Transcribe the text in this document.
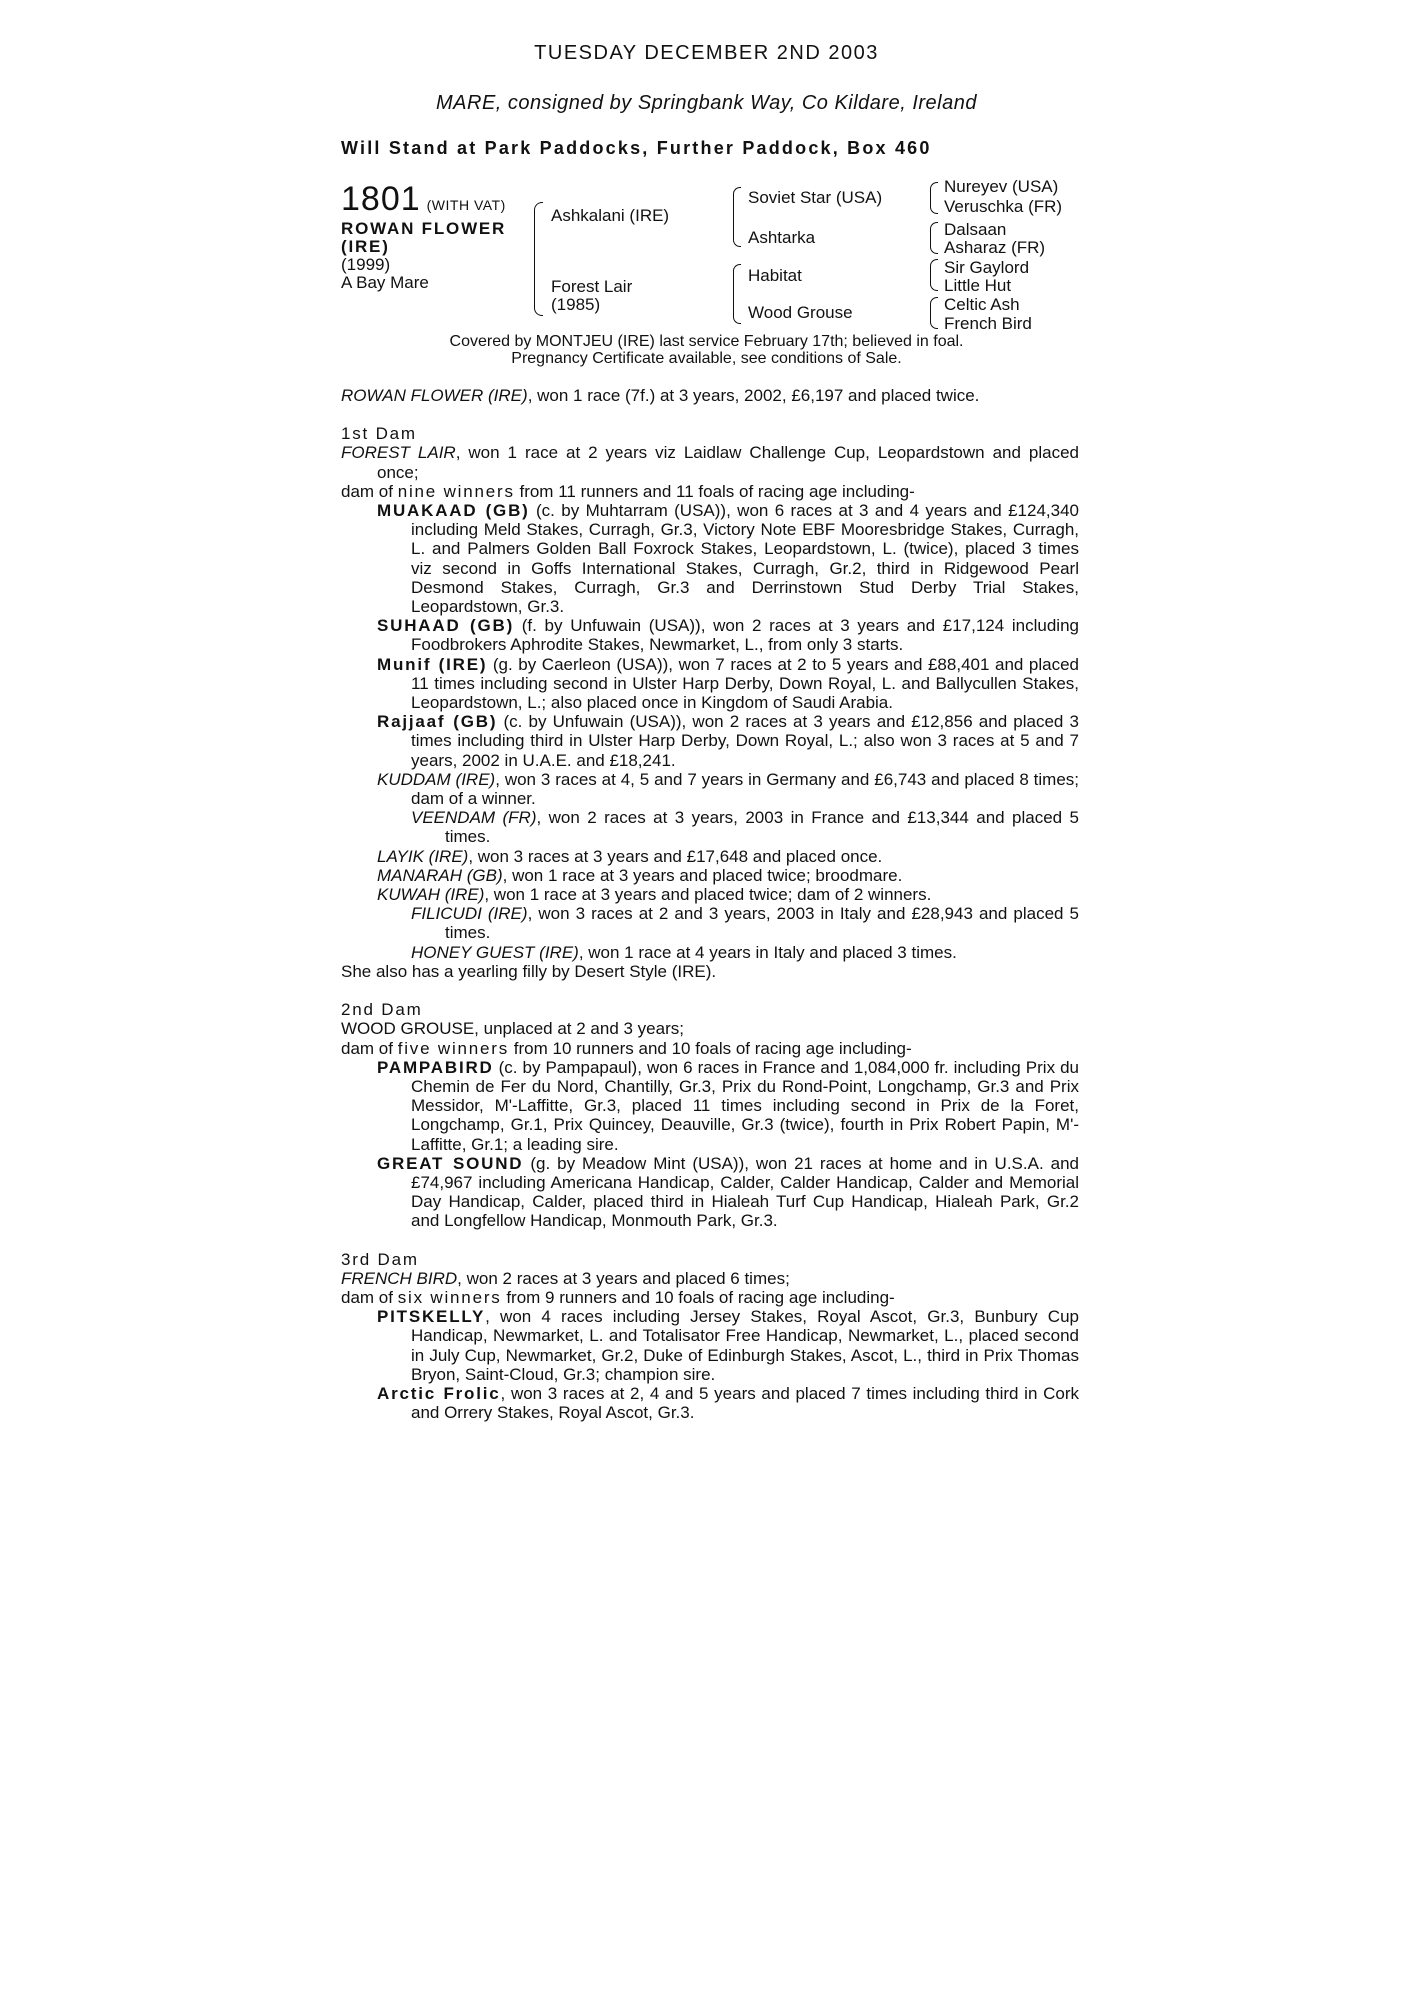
TUESDAY DECEMBER 2ND 2003
MARE, consigned by Springbank Way, Co Kildare, Ireland
Will Stand at Park Paddocks, Further Paddock, Box 460
1801 (WITH VAT)
ROWAN FLOWER
(IRE)
(1999)
A Bay Mare
Ashkalani (IRE)
Forest Lair
(1985)
Soviet Star (USA)
Ashtarka
Habitat
Wood Grouse
Nureyev (USA)
Veruschka (FR)
Dalsaan
Asharaz (FR)
Sir Gaylord
Little Hut
Celtic Ash
French Bird
Covered by MONTJEU (IRE) last service February 17th; believed in foal.
Pregnancy Certificate available, see conditions of Sale.

ROWAN FLOWER (IRE), won 1 race (7f.) at 3 years, 2002, £6,197 and placed twice.

1st Dam

FOREST LAIR, won 1 race at 2 years viz Laidlaw Challenge Cup, Leopardstown and placed once;

dam of nine winners from 11 runners and 11 foals of racing age including-

MUAKAAD (GB) (c. by Muhtarram (USA)), won 6 races at 3 and 4 years and £124,340 including Meld Stakes, Curragh, Gr.3, Victory Note EBF Mooresbridge Stakes, Curragh, L. and Palmers Golden Ball Foxrock Stakes, Leopardstown, L. (twice), placed 3 times viz second in Goffs International Stakes, Curragh, Gr.2, third in Ridgewood Pearl Desmond Stakes, Curragh, Gr.3 and Derrinstown Stud Derby Trial Stakes, Leopardstown, Gr.3.

SUHAAD (GB) (f. by Unfuwain (USA)), won 2 races at 3 years and £17,124 including Foodbrokers Aphrodite Stakes, Newmarket, L., from only 3 starts.

Munif (IRE) (g. by Caerleon (USA)), won 7 races at 2 to 5 years and £88,401 and placed 11 times including second in Ulster Harp Derby, Down Royal, L. and Ballycullen Stakes, Leopardstown, L.; also placed once in Kingdom of Saudi Arabia.

Rajjaaf (GB) (c. by Unfuwain (USA)), won 2 races at 3 years and £12,856 and placed 3 times including third in Ulster Harp Derby, Down Royal, L.; also won 3 races at 5 and 7 years, 2002 in U.A.E. and £18,241.

KUDDAM (IRE), won 3 races at 4, 5 and 7 years in Germany and £6,743 and placed 8 times; dam of a winner.

VEENDAM (FR), won 2 races at 3 years, 2003 in France and £13,344 and placed 5 times.

LAYIK (IRE), won 3 races at 3 years and £17,648 and placed once.

MANARAH (GB), won 1 race at 3 years and placed twice; broodmare.

KUWAH (IRE), won 1 race at 3 years and placed twice; dam of 2 winners.

FILICUDI (IRE), won 3 races at 2 and 3 years, 2003 in Italy and £28,943 and placed 5 times.

HONEY GUEST (IRE), won 1 race at 4 years in Italy and placed 3 times.

She also has a yearling filly by Desert Style (IRE).

2nd Dam

WOOD GROUSE, unplaced at 2 and 3 years;

dam of five winners from 10 runners and 10 foals of racing age including-

PAMPABIRD (c. by Pampapaul), won 6 races in France and 1,084,000 fr. including Prix du Chemin de Fer du Nord, Chantilly, Gr.3, Prix du Rond-Point, Longchamp, Gr.3 and Prix Messidor, M'-Laffitte, Gr.3, placed 11 times including second in Prix de la Foret, Longchamp, Gr.1, Prix Quincey, Deauville, Gr.3 (twice), fourth in Prix Robert Papin, M'-Laffitte, Gr.1; a leading sire.

GREAT SOUND (g. by Meadow Mint (USA)), won 21 races at home and in U.S.A. and £74,967 including Americana Handicap, Calder, Calder Handicap, Calder and Memorial Day Handicap, Calder, placed third in Hialeah Turf Cup Handicap, Hialeah Park, Gr.2 and Longfellow Handicap, Monmouth Park, Gr.3.

3rd Dam

FRENCH BIRD, won 2 races at 3 years and placed 6 times;

dam of six winners from 9 runners and 10 foals of racing age including-

PITSKELLY, won 4 races including Jersey Stakes, Royal Ascot, Gr.3, Bunbury Cup Handicap, Newmarket, L. and Totalisator Free Handicap, Newmarket, L., placed second in July Cup, Newmarket, Gr.2, Duke of Edinburgh Stakes, Ascot, L., third in Prix Thomas Bryon, Saint-Cloud, Gr.3; champion sire.

Arctic Frolic, won 3 races at 2, 4 and 5 years and placed 7 times including third in Cork and Orrery Stakes, Royal Ascot, Gr.3.
